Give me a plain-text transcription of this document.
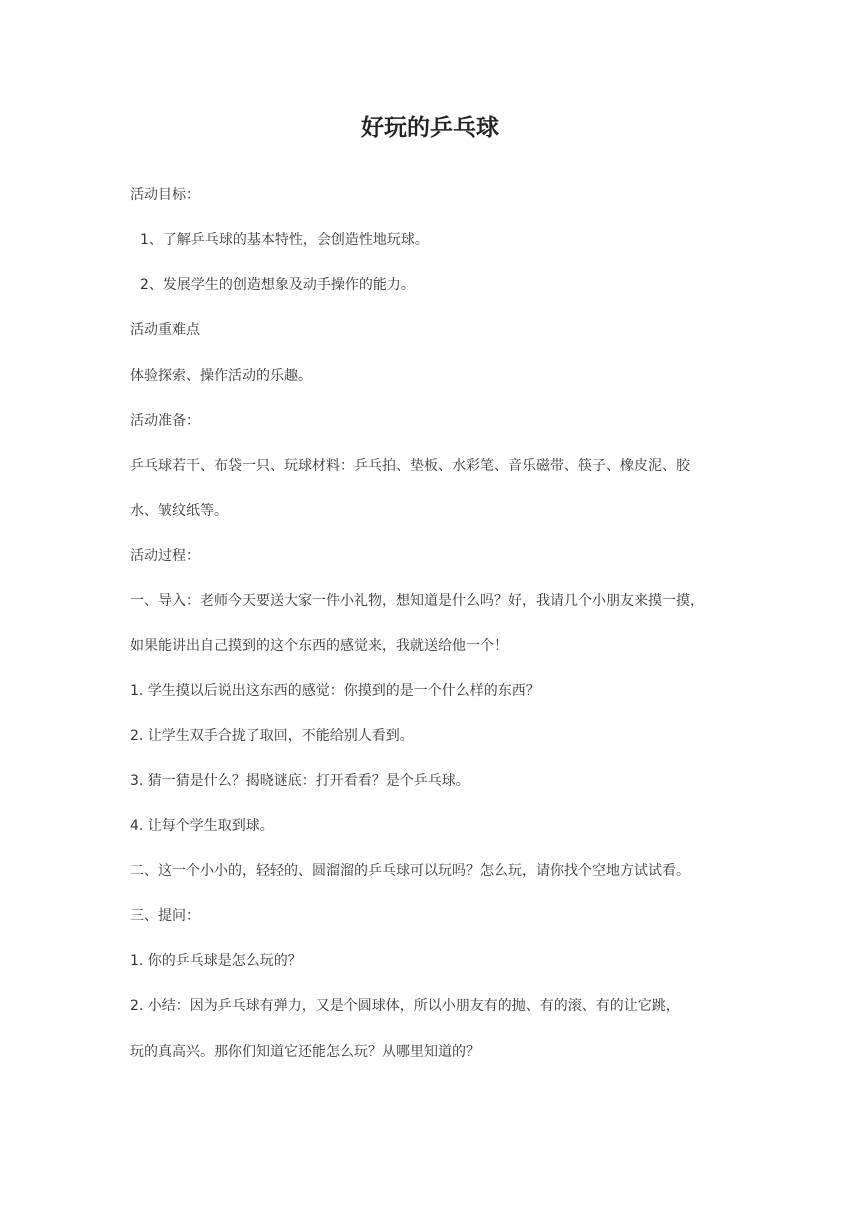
好玩的乒乓球

活动目标：

1、了解乒乓球的基本特性，会创造性地玩球。

2、发展学生的创造想象及动手操作的能力。

活动重难点

体验探索、操作活动的乐趣。

活动准备：

乒乓球若干、布袋一只、玩球材料：乒乓拍、垫板、水彩笔、音乐磁带、筷子、橡皮泥、胶

水、皱纹纸等。

活动过程：

一、导入：老师今天要送大家一件小礼物，想知道是什么吗？好，我请几个小朋友来摸一摸，

如果能讲出自己摸到的这个东西的感觉来，我就送给他一个！

1. 学生摸以后说出这东西的感觉：你摸到的是一个什么样的东西？

2. 让学生双手合拢了取回，不能给别人看到。

3. 猜一猜是什么？揭晓谜底：打开看看？是个乒乓球。

4. 让每个学生取到球。

二、这一个小小的，轻轻的、圆溜溜的乒乓球可以玩吗？怎么玩，请你找个空地方试试看。

三、提问：

1. 你的乒乓球是怎么玩的？

2. 小结：因为乒乓球有弹力，又是个圆球体，所以小朋友有的抛、有的滚、有的让它跳，

玩的真高兴。那你们知道它还能怎么玩？从哪里知道的？
